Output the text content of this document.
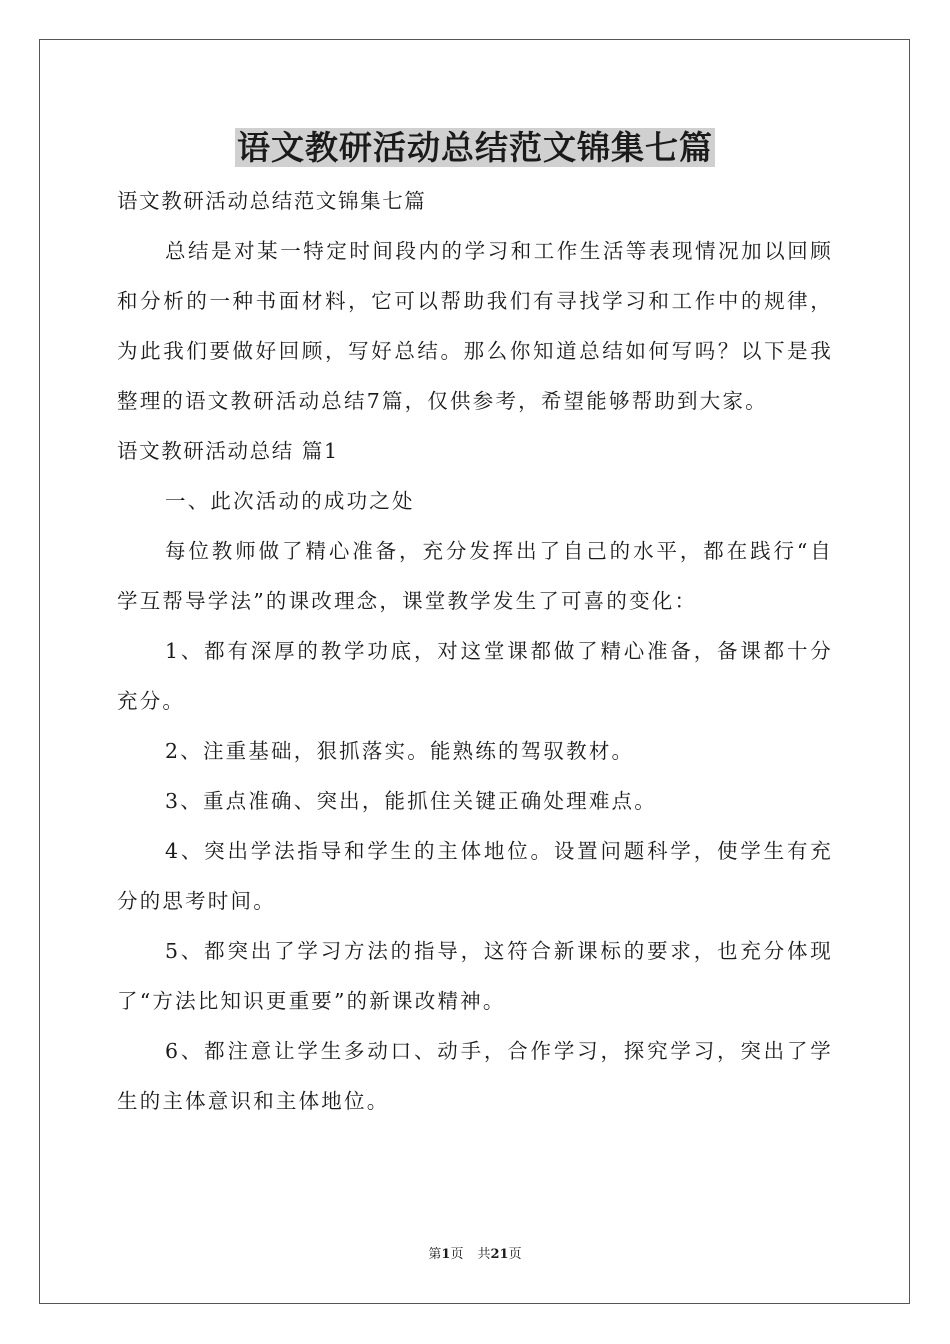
语文教研活动总结范文锦集七篇

语文教研活动总结范文锦集七篇

总结是对某一特定时间段内的学习和工作生活等表现情况加以回顾和分析的一种书面材料，它可以帮助我们有寻找学习和工作中的规律，为此我们要做好回顾，写好总结。那么你知道总结如何写吗？以下是我整理的语文教研活动总结7篇，仅供参考，希望能够帮助到大家。

语文教研活动总结 篇1

一、此次活动的成功之处

每位教师做了精心准备，充分发挥出了自己的水平，都在践行“自学互帮导学法”的课改理念，课堂教学发生了可喜的变化：

1、都有深厚的教学功底，对这堂课都做了精心准备，备课都十分充分。

2、注重基础，狠抓落实。能熟练的驾驭教材。

3、重点准确、突出，能抓住关键正确处理难点。

4、突出学法指导和学生的主体地位。设置问题科学，使学生有充分的思考时间。

5、都突出了学习方法的指导，这符合新课标的要求，也充分体现了“方法比知识更重要”的新课改精神。

6、都注意让学生多动口、动手，合作学习，探究学习，突出了学生的主体意识和主体地位。

第1页 共21页
